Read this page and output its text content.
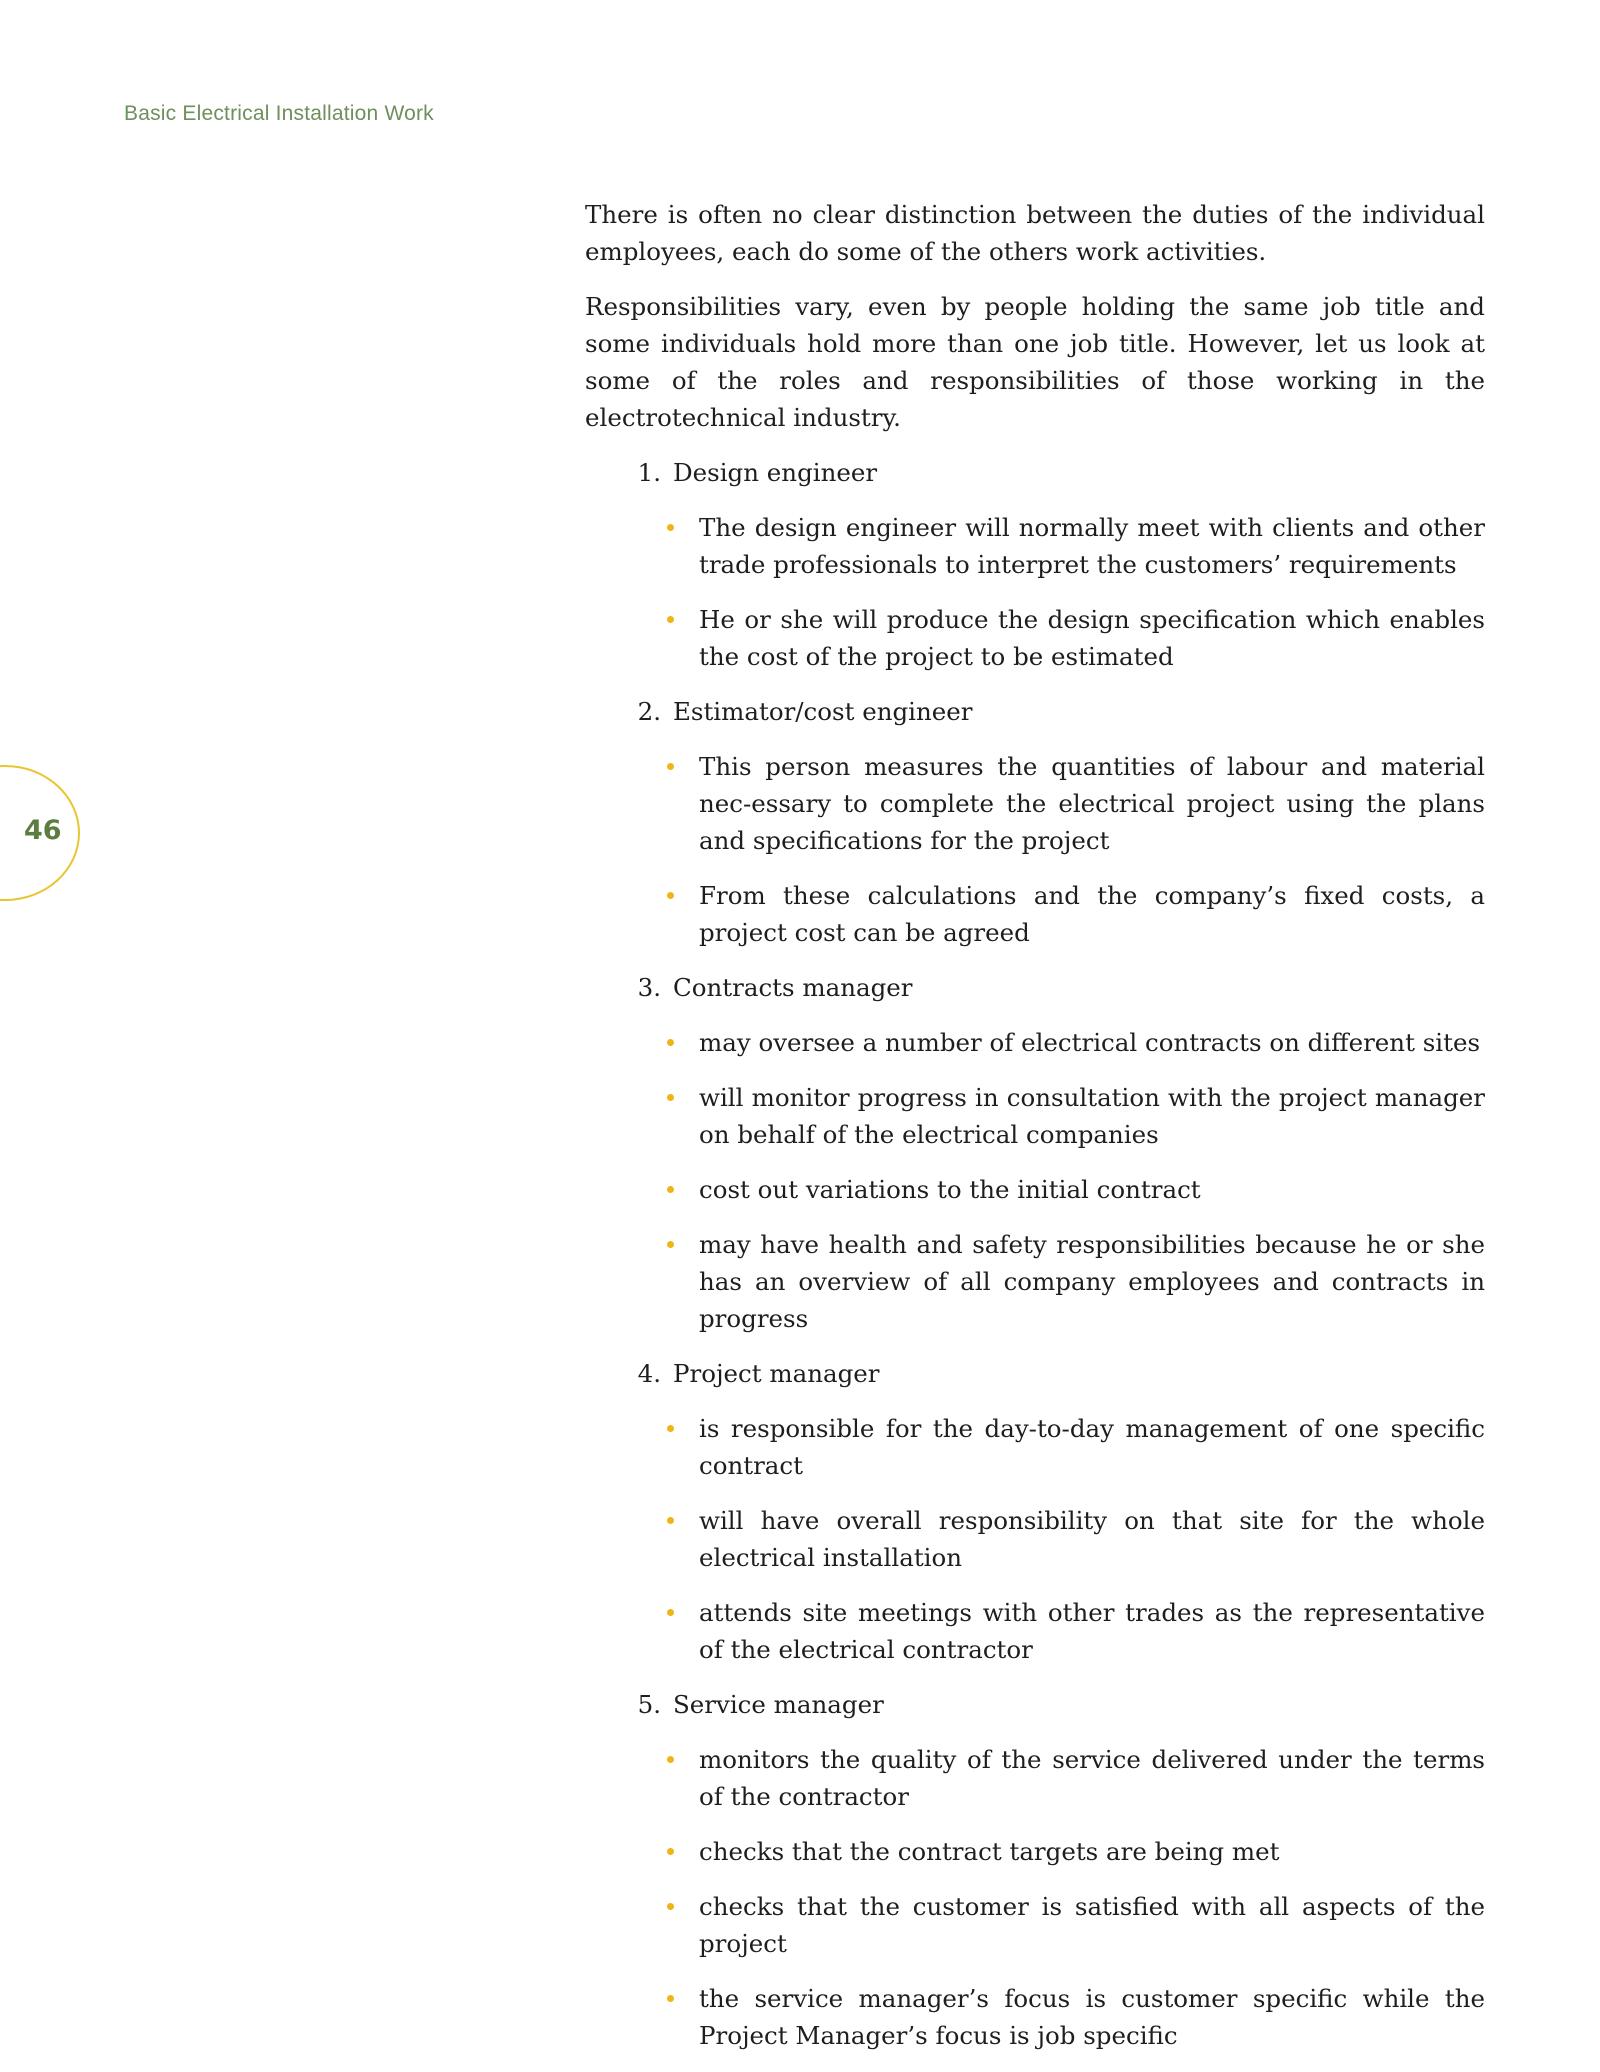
Basic Electrical Installation Work
46

There is often no clear distinction between the duties of the individual employees, each do some of the others work activities.

Responsibilities vary, even by people holding the same job title and some individuals hold more than one job title. However, let us look at some of the roles and responsibilities of those working in the electrotechnical industry.

1. Design engineer
The design engineer will normally meet with clients and other trade professionals to interpret the customers’ requirements
He or she will produce the design specification which enables the cost of the project to be estimated
2. Estimator/cost engineer
This person measures the quantities of labour and material nec-essary to complete the electrical project using the plans and specifications for the project
From these calculations and the company’s fixed costs, a project cost can be agreed
3. Contracts manager
may oversee a number of electrical contracts on different sites
will monitor progress in consultation with the project manager on behalf of the electrical companies
cost out variations to the initial contract
may have health and safety responsibilities because he or she has an overview of all company employees and contracts in progress
4. Project manager
is responsible for the day-to-day management of one specific contract
will have overall responsibility on that site for the whole electrical installation
attends site meetings with other trades as the representative of the electrical contractor
5. Service manager
monitors the quality of the service delivered under the terms of the contractor
checks that the contract targets are being met
checks that the customer is satisfied with all aspects of the project
the service manager’s focus is customer specific while the Project Manager’s focus is job specific
